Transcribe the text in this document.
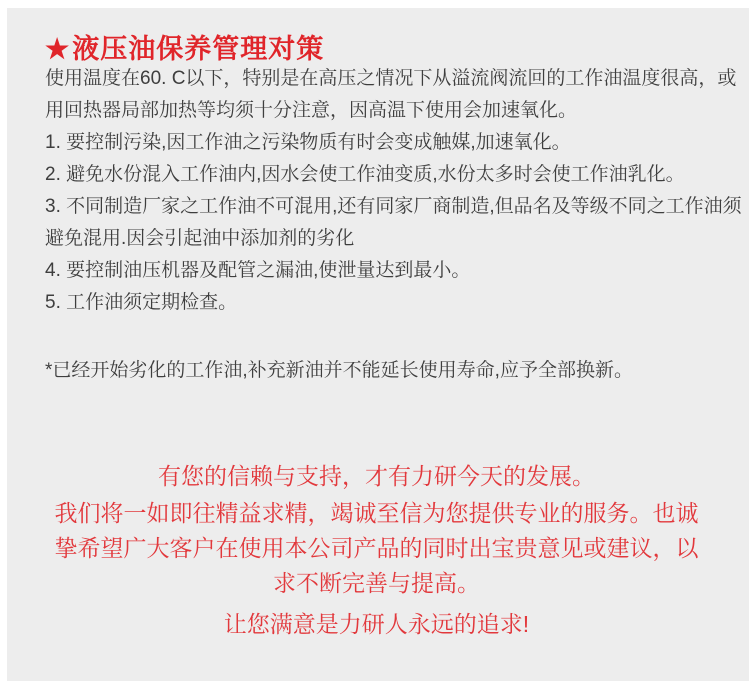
★液压油保养管理对策
使用温度在60. C以下，特别是在高压之情况下从溢流阀流回的工作油温度很高，或
用回热器局部加热等均须十分注意，因高温下使用会加速氧化。
1. 要控制污染,因工作油之污染物质有时会变成触媒,加速氧化。
2. 避免水份混入工作油内,因水会使工作油变质,水份太多时会使工作油乳化。
3. 不同制造厂家之工作油不可混用,还有同家厂商制造,但品名及等级不同之工作油须
避免混用.因会引起油中添加剂的劣化
4. 要控制油压机器及配管之漏油,使泄量达到最小。
5. 工作油须定期检查。
*已经开始劣化的工作油,补充新油并不能延长使用寿命,应予全部换新。
有您的信赖与支持，才有力研今天的发展。
我们将一如即往精益求精，竭诚至信为您提供专业的服务。也诚
挚希望广大客户在使用本公司产品的同时出宝贵意见或建议，以
求不断完善与提高。
让您满意是力研人永远的追求!
